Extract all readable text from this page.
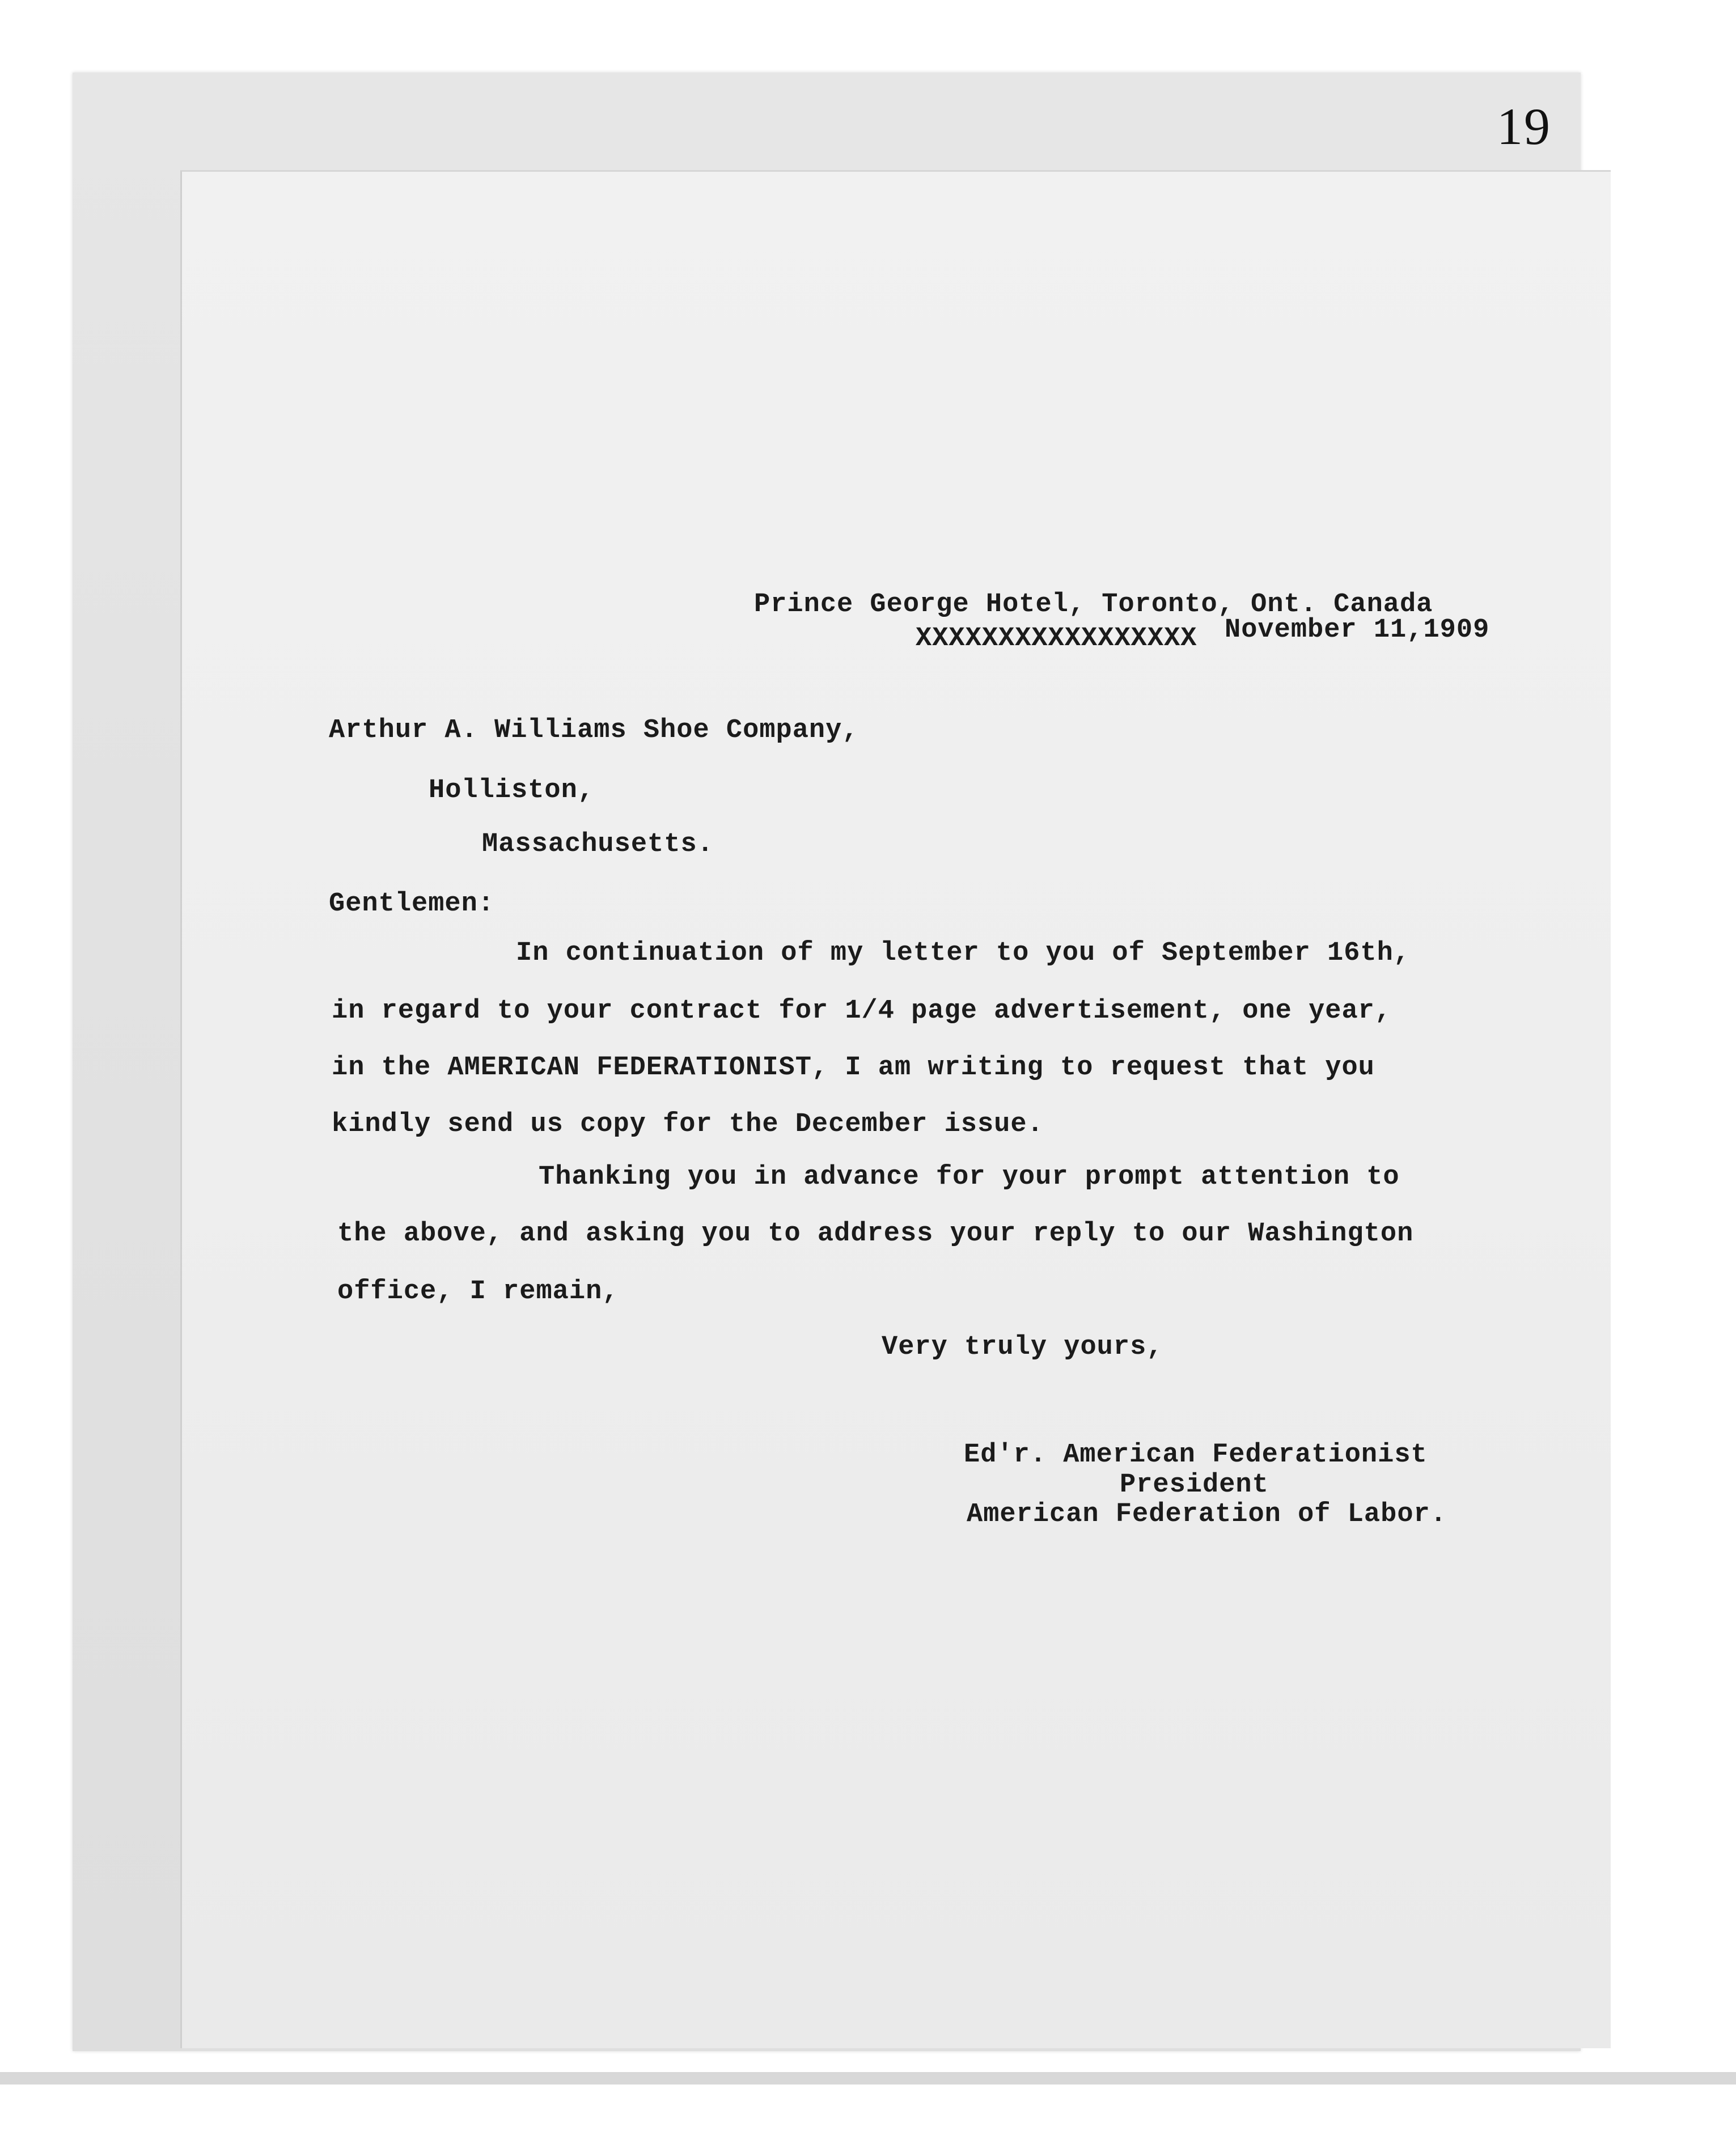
19
Prince George Hotel, Toronto, Ont. Canada
XXXXXXXXXXXXXXXXX November 11,1909
Arthur A. Williams Shoe Company,
Holliston,
Massachusetts.
Gentlemen:
In continuation of my letter to you of September 16th,
in regard to your contract for 1/4 page advertisement, one year,
in the AMERICAN FEDERATIONIST, I am writing to request that you
kindly send us copy for the December issue.
Thanking you in advance for your prompt attention to
the above, and asking you to address your reply to our Washington
office, I remain,
Very truly yours,
Ed'r. American Federationist
President
American Federation of Labor.
